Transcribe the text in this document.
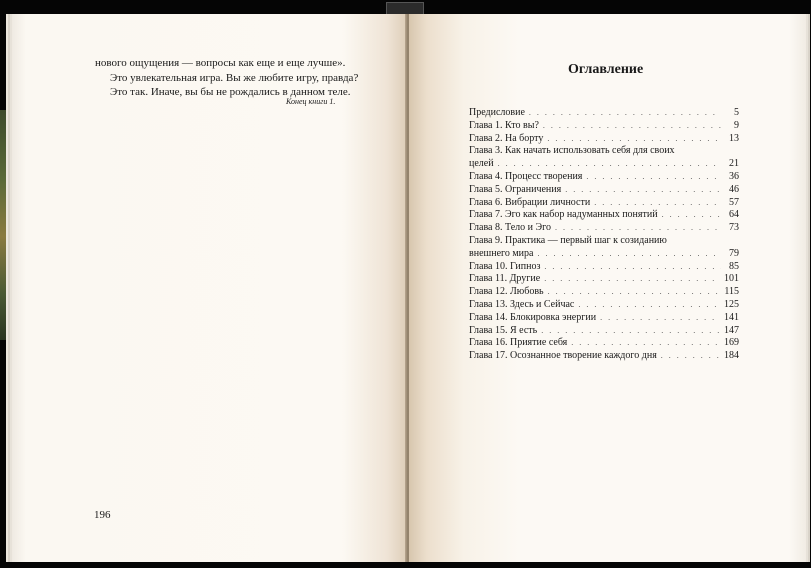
нового ощущения — вопросы как еще и еще лучше».

Это увлекательная игра. Вы же любите игру, правда?

Это так. Иначе, вы бы не рождались в данном теле.

Конец книги 1.
196
Оглавление
Предисловие . . .	5
Глава 1. Кто вы? . . .	9
Глава 2. На борту . . .	13
Глава 3. Как начать использовать себя для своих
целей . . .	21
Глава 4. Процесс творения . . .	36
Глава 5. Ограничения . . .	46
Глава 6. Вибрации личности . . .	57
Глава 7. Эго как набор надуманных понятий . . .	64
Глава 8. Тело и Эго . . .	73
Глава 9. Практика — первый шаг к созиданию
внешнего мира . . .	79
Глава 10. Гипноз . . .	85
Глава 11. Другие . . .	101
Глава 12. Любовь . . .	115
Глава 13. Здесь и Сейчас . . .	125
Глава 14. Блокировка энергии . . .	141
Глава 15. Я есть . . .	147
Глава 16. Приятие себя . . .	169
Глава 17. Осознанное творение каждого дня . . .	184
